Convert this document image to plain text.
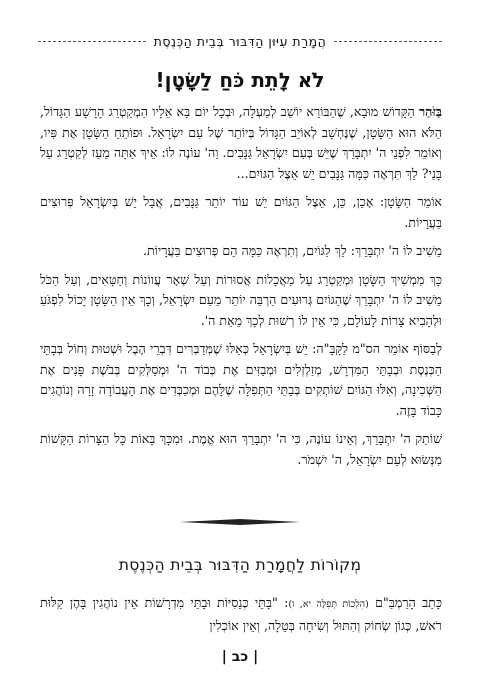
הֲמָרַת עִיּוּן הַדִּבּוּר בְּבֵית הַכְּנֶסֶת
לֹא לָתֵת כֹּחַ לַשָּׂטָן!

בַּזֹּהַר הַקָּדוֹשׁ מוּבָא, שֶׁהַבּוֹרֵא יוֹשֵׁב לְמַעְלָה, וּבְכָל יוֹם בָּא אֵלָיו הַמְקַטְרֵג הָרָשָׁע הַגָּדוֹל, הַלֹּא הוּא הַשָּׂטָן, שֶׁנֶּחְשָׁב לְאוֹיֵב הַגָּדוֹל בְּיוֹתֵר שֶׁל עַם יִשְׂרָאֵל. וּפוֹתֵחַ הַשָּׂטָן אֶת פִּיו, וְאוֹמֵר לִפְנֵי ה' יִתְבָּרֵךְ שֶׁיֵּשׁ בְּעַם יִשְׂרָאֵל גַּנָּבִים. וַה' עוֹנֶה לוֹ: אֵיךְ אַתָּה מֵעֵז לְקַטְרֵג עַל בָּנַי? לֵךְ תִּרְאֶה כַּמָּה גַּנָּבִים יֵשׁ אֵצֶל הַגּוֹיִם...

אוֹמֵר הַשָּׂטָן: אָכֵן, כֵּן, אֵצֶל הַגּוֹיִם יֵשׁ עוֹד יוֹתֵר גַּנָּבִים, אֲבָל יֵשׁ בְּיִשְׂרָאֵל פְּרוּצִים בַּעֲרָיוֹת.

מֵשִׁיב לוֹ ה' יִתְבָּרֵךְ: לֵךְ לַגּוֹיִם, וְתִרְאֶה כַּמָּה הֵם פְּרוּצִים בַּעֲרָיוֹת.

כָּךְ מַמְשִׁיךְ הַשָּׂטָן וּמְקַטְרֵג עַל מַאֲכָלוֹת אֲסוּרוֹת וְעַל שְׁאָר עֲווֹנוֹת וְחַטָּאִים, וְעַל הַכֹּל מֵשִׁיב לוֹ ה' יִתְבָּרֵךְ שֶׁהַגּוֹיִם גְּרוּעִים הַרְבֵּה יוֹתֵר מֵעַם יִשְׂרָאֵל, וְכָךְ אֵין הַשָּׂטָן יָכוֹל לִפְגֹּעַ וּלְהָבִיא צָרוֹת לָעוֹלָם, כִּי אֵין לוֹ רְשׁוּת לְכָךְ מֵאֵת ה'.

לְבַסּוֹף אוֹמֵר הס"מ לַקָּבָּ"ה: יֵשׁ בְּיִשְׂרָאֵל כְּאֵלּוּ שֶׁמְּדַבְּרִים דִּבְרֵי הֶבֶל וּשְׁטוּת וְחוֹל בְּבָתֵּי הַכְּנֶסֶת וּבְבָתֵּי הַמִּדְרָשׁ, מְזַלְזְלִים וּמְבַזִּים אֶת כְּבוֹד ה' וּמְסַלְּקִים בְּבֹשֶׁת פָּנִים אֶת הַשְּׁכִינָה, וְאִלּוּ הַגּוֹיִם שׁוֹתְקִים בְּבָתֵּי הַתְּפִלָּה שֶׁלָּהֶם וּמְכַבְּדִים אֶת הָעֲבוֹדָה זָרָה וְנוֹהֲגִים כָּבוֹד בָּזֶה.

שׁוֹתֵק ה' יִתְבָּרֵךְ, וְאֵינוֹ עוֹנֶה, כִּי ה' יִתְבָּרֵךְ הוּא אֱמֶת. וּמִכָּךְ בָּאוֹת כָּל הַצָּרוֹת הַקָּשׁוֹת מִנְּשׂוּא לְעַם יִשְׂרָאֵל, ה' יִשְׁמֹר.

מְקוֹרוֹת לַחֲמָרַת הַדִּבּוּר בְּבֵית הַכְּנֶסֶת
כָּתַב הָרַמְבַּ"ם (הִלְכוֹת תְּפִלָּה יא, ו): "בָּתֵּי כְּנֵסִיּוֹת וּבָתֵּי מִדְרָשׁוֹת אֵין נוֹהֲגִין בָּהֶן קַלּוּת רֹאשׁ, כְּגוֹן שְׂחוֹק וְהִתּוּל וְשִׂיחָה בְּטֵלָה, וְאֵין אוֹכְלִין
| כב |
